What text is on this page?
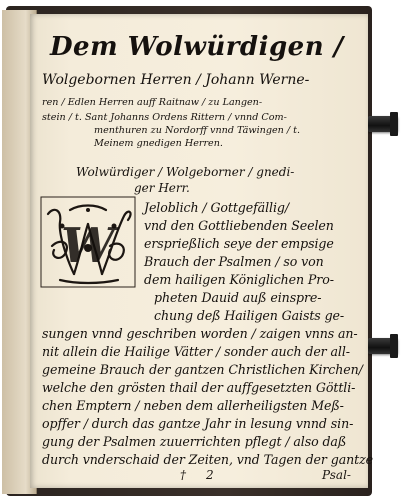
Dem Wolwürdigen /
Wolgebornen Herren / Johann Werne-
ren / Edlen Herren auff Raitnaw / zu Langen-
stein / t. Sant Johanns Ordens Rittern / vnnd Com-
menthuren zu Nordorff vnnd Täwingen / t.
Meinem gnedigen Herren.
Wolwürdiger / Wolgeborner / gnedi-
ger Herr.
W
Jeloblich / Gottgefällig/
vnd den Gottliebenden Seelen
ersprießlich seye der empsige
Brauch der Psalmen / so von
dem hailigen Königlichen Pro-
pheten Dauid auß einspre-
chung deß Hailigen Gaists ge-
sungen vnnd geschriben worden / zaigen vnns an-
nit allein die Hailige Vätter / sonder auch der all-
gemeine Brauch der gantzen Christlichen Kirchen/
welche den grösten thail der auffgesetzten Göttli-
chen Emptern / neben dem allerheiligsten Meß-
opffer / durch das gantze Jahr in lesung vnnd sin-
gung der Psalmen zuuerrichten pflegt / also daß
durch vnderschaid der Zeiten, vnd Tagen der gantze
† 2	Psal-
